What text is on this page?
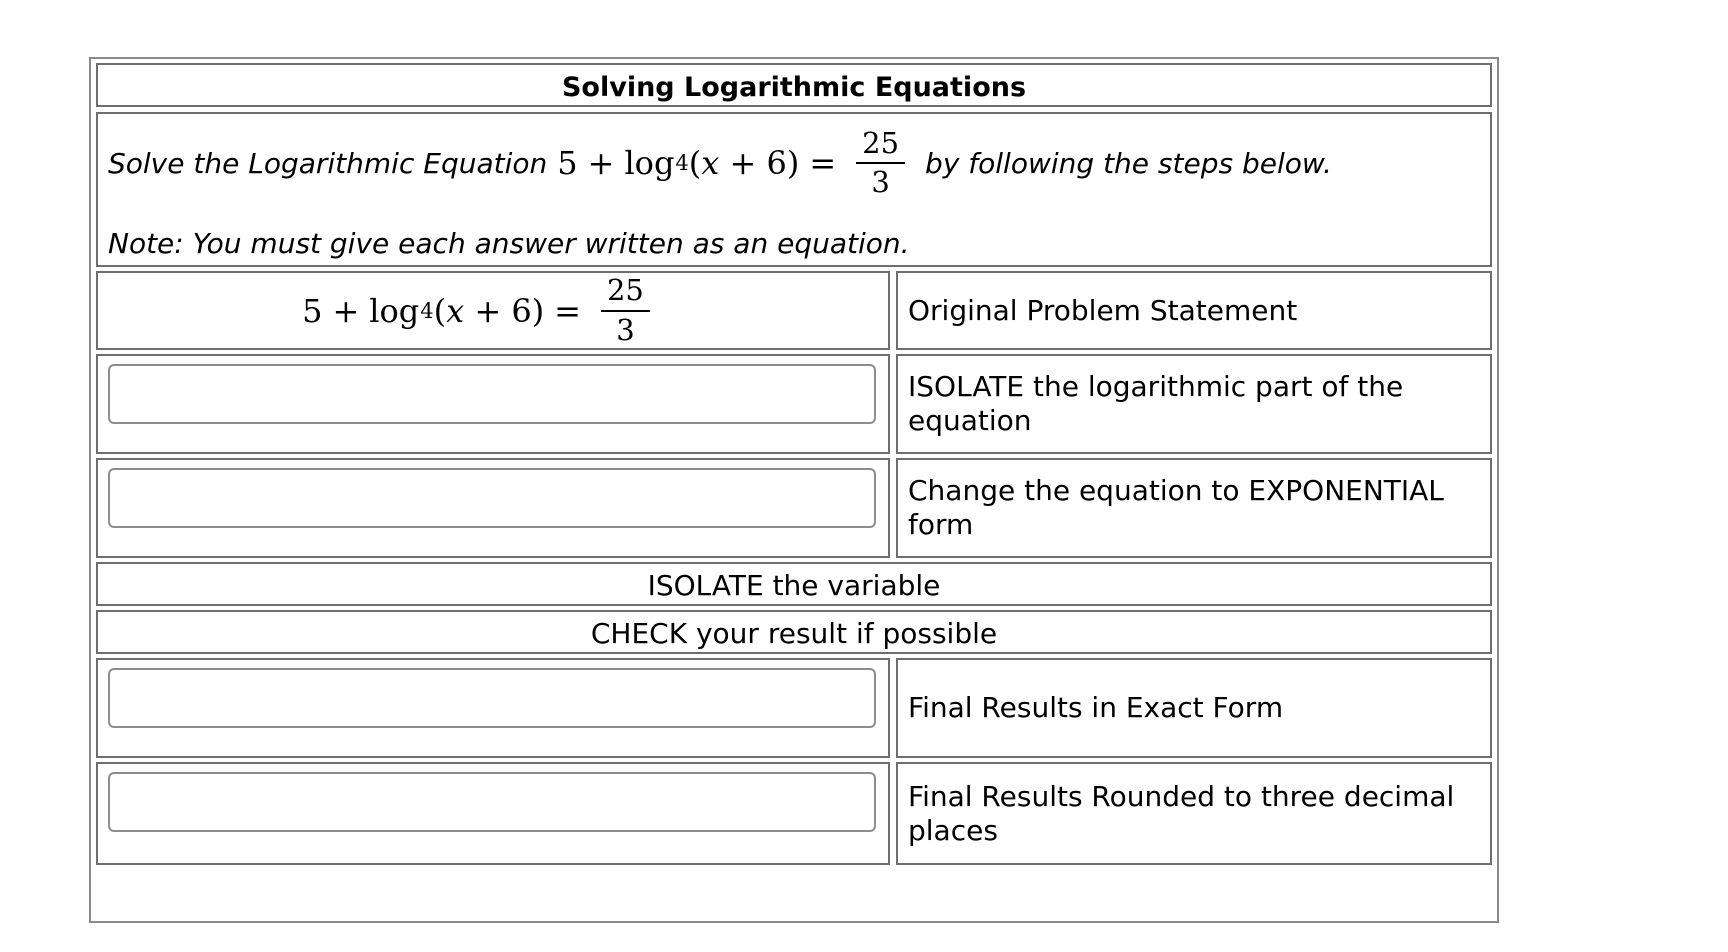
Solving Logarithmic Equations
Solve the Logarithmic Equation 5 + log 4 ( x
+ $6) = \frac{25}{3}$ by following the steps below.
Note: You must give each answer written as an equation.
5 + log 4 ( x
+ $6) = \frac{25}{3}$	Original Problem Statement
ISOLATE the logarithmic part of the equation
Change the equation to EXPONENTIAL form
ISOLATE the variable
CHECK your result if possible
Final Results in Exact Form
Final Results Rounded to three decimal places
